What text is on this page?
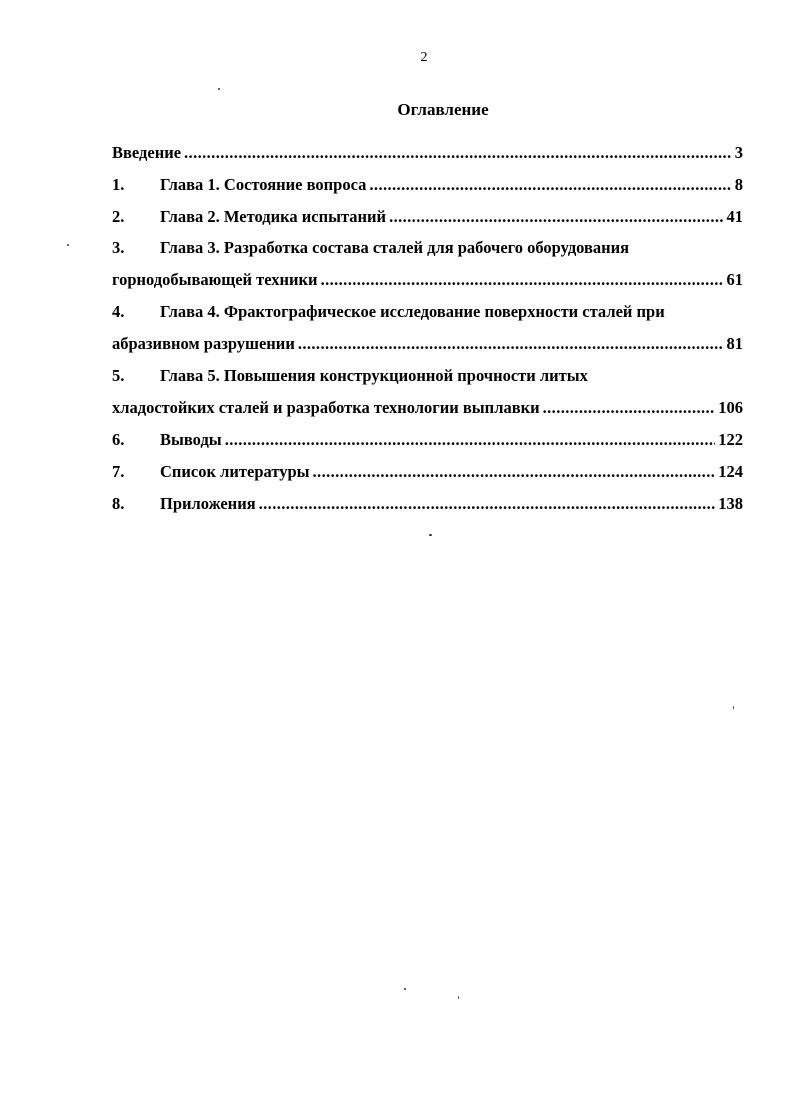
2
Оглавление
Введение .....	3
1.	Глава 1. Состояние вопроса .....	8
2.	Глава 2. Методика испытаний .....	41
3.	Глава 3. Разработка состава сталей для рабочего оборудования
горнодобывающей техники .....	61
4.	Глава 4. Фрактографическое исследование поверхности сталей при
абразивном разрушении .....	81
5.	Глава 5. Повышения конструкционной прочности литых
хладостойких сталей и разработка технологии выплавки .....	106
6.	Выводы .....	122
7.	Список литературы .....	124
8.	Приложения .....	138
